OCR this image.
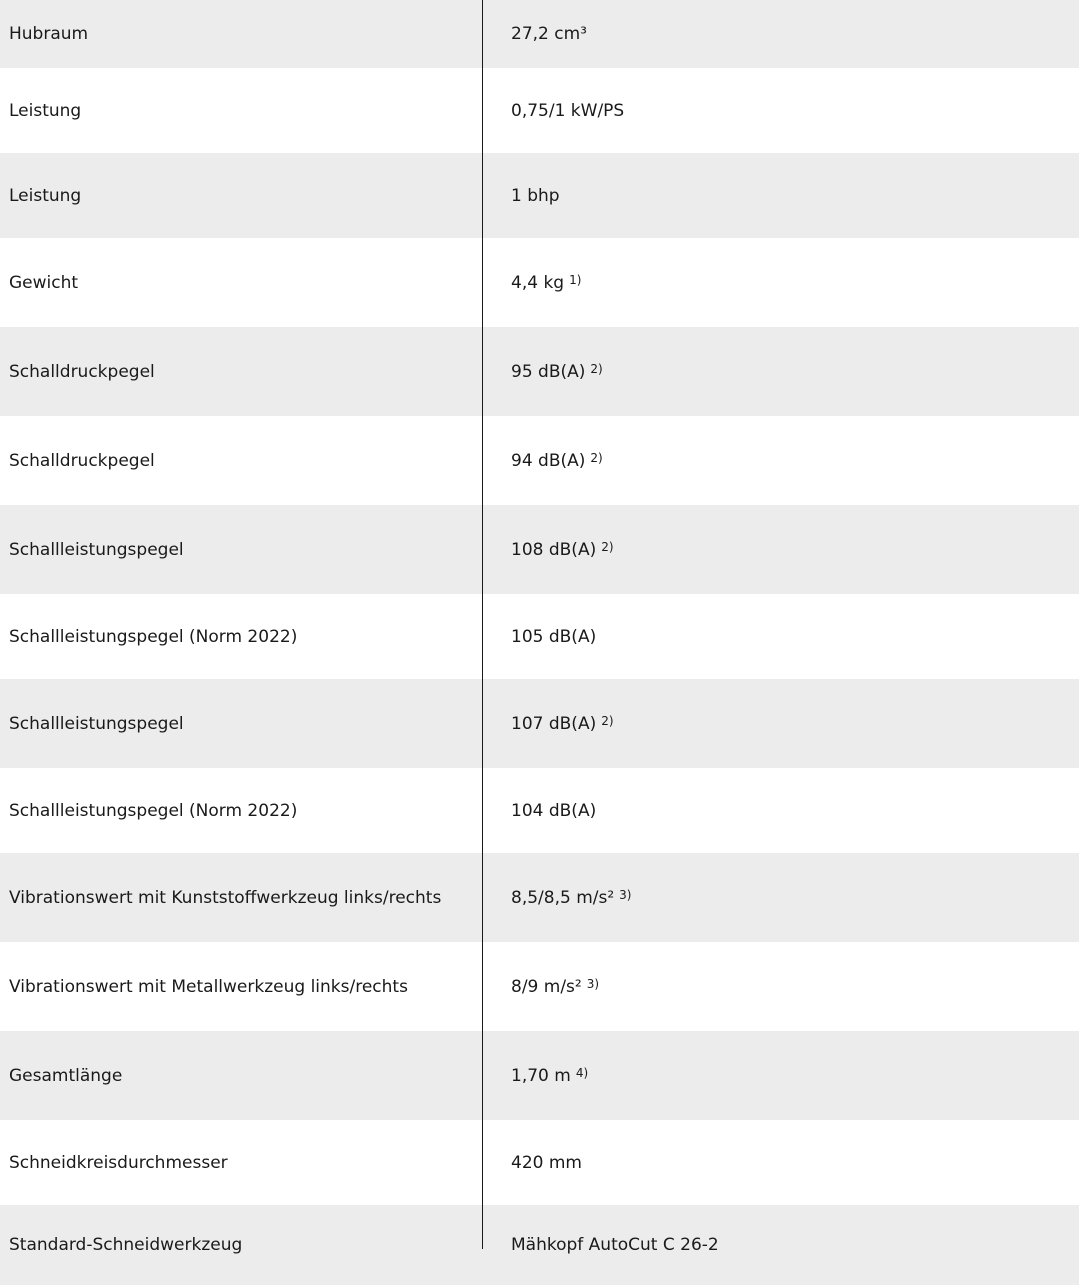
Hubraum	27,2 cm³
Leistung	0,75/1 kW/PS
Leistung	1 bhp
Gewicht	4,4 kg $^{1)}$
Schalldruckpegel	95 dB(A) $^{2)}$
Schalldruckpegel	94 dB(A) $^{2)}$
Schallleistungspegel	108 dB(A) $^{2)}$
Schallleistungspegel (Norm 2022)	105 dB(A)
Schallleistungspegel	107 dB(A) $^{2)}$
Schallleistungspegel (Norm 2022)	104 dB(A)
Vibrationswert mit Kunststoffwerkzeug links/rechts	8,5/8,5 m/s² $^{3)}$
Vibrationswert mit Metallwerkzeug links/rechts	8/9 m/s² $^{3)}$
Gesamtlänge	1,70 m $^{4)}$
Schneidkreisdurchmesser	420 mm
Standard-Schneidwerkzeug	Mähkopf AutoCut C 26-2
